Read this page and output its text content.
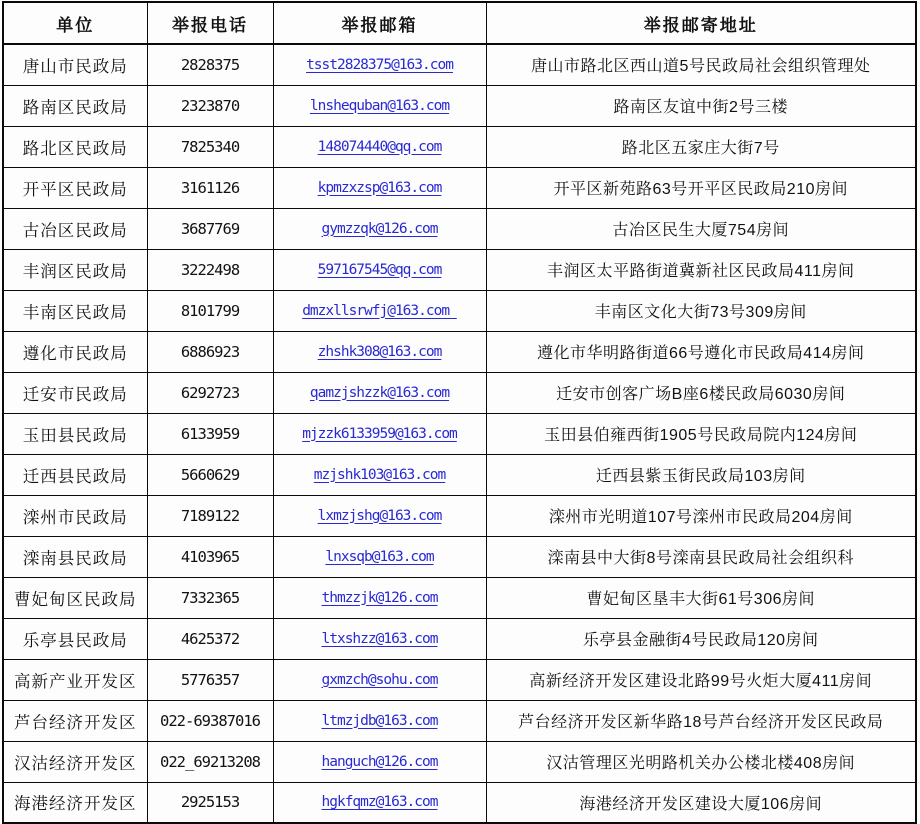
单位	举报电话	举报邮箱	举报邮寄地址
唐山市民政局	2828375	tsst2828375@163.com	唐山市路北区西山道5号民政局社会组织管理处
路南区民政局	2323870	lnshequban@163.com	路南区友谊中街2号三楼
路北区民政局	7825340	148074440@qq.com	路北区五家庄大街7号
开平区民政局	3161126	kpmzxzsp@163.com	开平区新苑路63号开平区民政局210房间
古冶区民政局	3687769	gymzzqk@126.com	古冶区民生大厦754房间
丰润区民政局	3222498	597167545@qq.com	丰润区太平路街道冀新社区民政局411房间
丰南区民政局	8101799	dmzxllsrwfj@163.com	丰南区文化大街73号309房间
遵化市民政局	6886923	zhshk308@163.com	遵化市华明路街道66号遵化市民政局414房间
迁安市民政局	6292723	qamzjshzzk@163.com	迁安市创客广场B座6楼民政局6030房间
玉田县民政局	6133959	mjzzk6133959@163.com	玉田县伯雍西街1905号民政局院内124房间
迁西县民政局	5660629	mzjshk103@163.com	迁西县紫玉街民政局103房间
滦州市民政局	7189122	lxmzjshg@163.com	滦州市光明道107号滦州市民政局204房间
滦南县民政局	4103965	lnxsqb@163.com	滦南县中大街8号滦南县民政局社会组织科
曹妃甸区民政局	7332365	thmzzjk@126.com	曹妃甸区垦丰大街61号306房间
乐亭县民政局	4625372	ltxshzz@163.com	乐亭县金融街4号民政局120房间
高新产业开发区	5776357	gxmzch@sohu.com	高新经济开发区建设北路99号火炬大厦411房间
芦台经济开发区	022-69387016	ltmzjdb@163.com	芦台经济开发区新华路18号芦台经济开发区民政局
汉沽经济开发区	022_69213208	hanguch@126.com	汉沽管理区光明路机关办公楼北楼408房间
海港经济开发区	2925153	hgkfqmz@163.com	海港经济开发区建设大厦106房间
